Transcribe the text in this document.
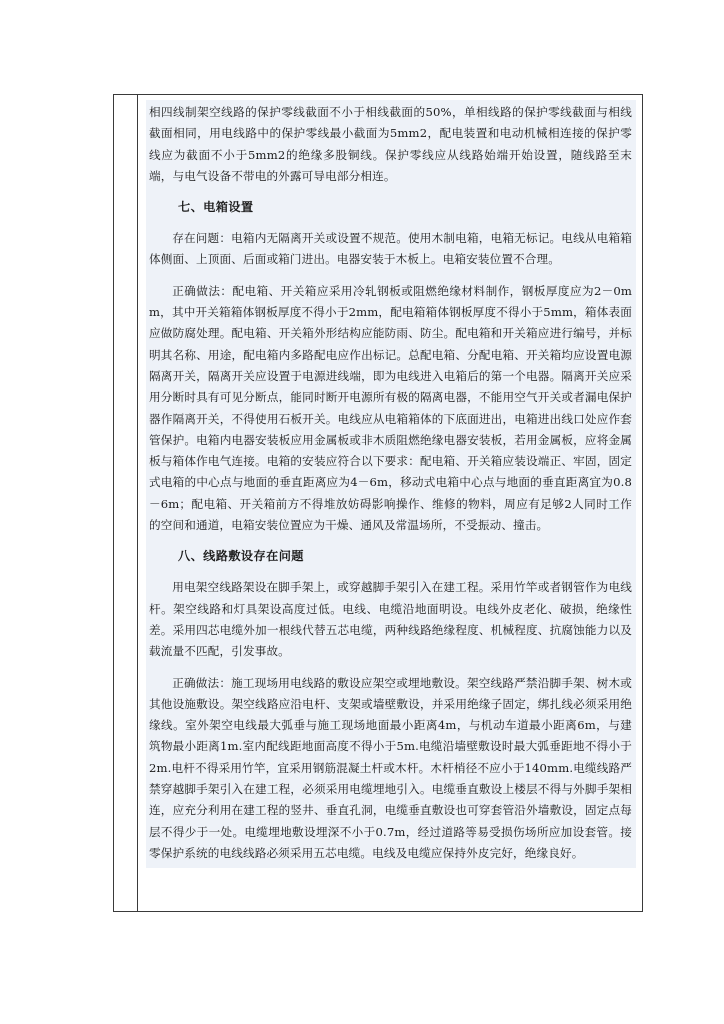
相四线制架空线路的保护零线截面不小于相线截面的50%，单相线路的保护零线截面与相线截面相同，用电线路中的保护零线最小截面为5mm2，配电装置和电动机械相连接的保护零线应为截面不小于5mm2的绝缘多股铜线。保护零线应从线路始端开始设置，随线路至末端，与电气设备不带电的外露可导电部分相连。

七、电箱设置

存在问题：电箱内无隔离开关或设置不规范。使用木制电箱，电箱无标记。电线从电箱箱体侧面、上顶面、后面或箱门进出。电器安装于木板上。电箱安装位置不合理。

正确做法：配电箱、开关箱应采用冷轧钢板或阻燃绝缘材料制作，钢板厚度应为2－0mm，其中开关箱箱体钢板厚度不得小于2mm，配电箱箱体钢板厚度不得小于5mm，箱体表面应做防腐处理。配电箱、开关箱外形结构应能防雨、防尘。配电箱和开关箱应进行编号，并标明其名称、用途，配电箱内多路配电应作出标记。总配电箱、分配电箱、开关箱均应设置电源隔离开关，隔离开关应设置于电源进线端，即为电线进入电箱后的第一个电器。隔离开关应采用分断时具有可见分断点，能同时断开电源所有极的隔离电器，不能用空气开关或者漏电保护器作隔离开关，不得使用石板开关。电线应从电箱箱体的下底面进出，电箱进出线口处应作套管保护。电箱内电器安装板应用金属板或非木质阻燃绝缘电器安装板，若用金属板，应将金属板与箱体作电气连接。电箱的安装应符合以下要求：配电箱、开关箱应装设端正、牢固，固定式电箱的中心点与地面的垂直距离应为4－6m，移动式电箱中心点与地面的垂直距离宜为0.8－6m；配电箱、开关箱前方不得堆放妨碍影响操作、维修的物料，周应有足够2人同时工作的空间和通道，电箱安装位置应为干燥、通风及常温场所，不受振动、撞击。

八、线路敷设存在问题

用电架空线路架设在脚手架上，或穿越脚手架引入在建工程。采用竹竿或者钢管作为电线杆。架空线路和灯具架设高度过低。电线、电缆沿地面明设。电线外皮老化、破损，绝缘性差。采用四芯电缆外加一根线代替五芯电缆，两种线路绝缘程度、机械程度、抗腐蚀能力以及载流量不匹配，引发事故。

正确做法：施工现场用电线路的敷设应架空或埋地敷设。架空线路严禁沿脚手架、树木或其他设施敷设。架空线路应沿电杆、支架或墙壁敷设，并采用绝缘子固定，绑扎线必须采用绝缘线。室外架空电线最大弧垂与施工现场地面最小距离4m，与机动车道最小距离6m，与建筑物最小距离1m.室内配线距地面高度不得小于5m.电缆沿墙壁敷设时最大弧垂距地不得小于2m.电杆不得采用竹竿，宜采用钢筋混凝土杆或木杆。木杆梢径不应小于140mm.电缆线路严禁穿越脚手架引入在建工程，必须采用电缆埋地引入。电缆垂直敷设上楼层不得与外脚手架相连，应充分利用在建工程的竖井、垂直孔洞，电缆垂直敷设也可穿套管沿外墙敷设，固定点每层不得少于一处。电缆埋地敷设埋深不小于0.7m，经过道路等易受损伤场所应加设套管。接零保护系统的电线线路必须采用五芯电缆。电线及电缆应保持外皮完好，绝缘良好。
